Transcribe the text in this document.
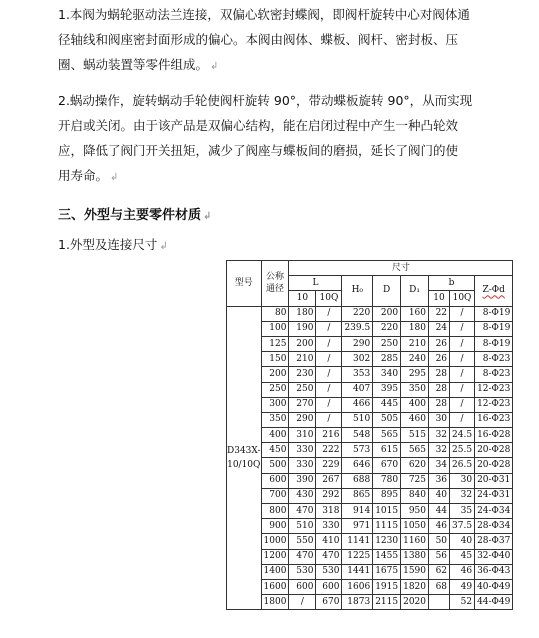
1.本阀为蜗轮驱动法兰连接，双偏心软密封蝶阀，即阀杆旋转中心对阀体通
径轴线和阀座密封面形成的偏心。本阀由阀体、蝶板、阀杆、密封板、压
圈、蜗动装置等零件组成。 ↲
2.蜗动操作，旋转蜗动手轮使阀杆旋转 90°，带动蝶板旋转 90°，从而实现
开启或关闭。由于该产品是双偏心结构，能在启闭过程中产生一种凸轮效
应，降低了阀门开关扭矩，减少了阀座与蝶板间的磨损，延长了阀门的使
用寿命。 ↲
三、外型与主要零件材质 ↲
1.外型及连接尺寸 ↲
型号	公称通径	尺寸							
		L		H₀	D	D₁	b		Z-Φd
		10	10Q				10	10Q	
D343X-10/10Q	80	180	/	220	200	160	22	/	8-Φ19
	100	190	/	239.5	220	180	24	/	8-Φ19
	125	200	/	290	250	210	26	/	8-Φ19
	150	210	/	302	285	240	26	/	8-Φ23
	200	230	/	353	340	295	28	/	8-Φ23
	250	250	/	407	395	350	28	/	12-Φ23
	300	270	/	466	445	400	28	/	12-Φ23
	350	290	/	510	505	460	30	/	16-Φ23
	400	310	216	548	565	515	32	24.5	16-Φ28
	450	330	222	573	615	565	32	25.5	20-Φ28
	500	330	229	646	670	620	34	26.5	20-Φ28
	600	390	267	688	780	725	36	30	20-Φ31
	700	430	292	865	895	840	40	32	24-Φ31
	800	470	318	914	1015	950	44	35	24-Φ34
	900	510	330	971	1115	1050	46	37.5	28-Φ34
	1000	550	410	1141	1230	1160	50	40	28-Φ37
	1200	470	470	1225	1455	1380	56	45	32-Φ40
	1400	530	530	1441	1675	1590	62	46	36-Φ43
	1600	600	600	1606	1915	1820	68	49	40-Φ49
	1800	/	670	1873	2115	2020		52	44-Φ49
